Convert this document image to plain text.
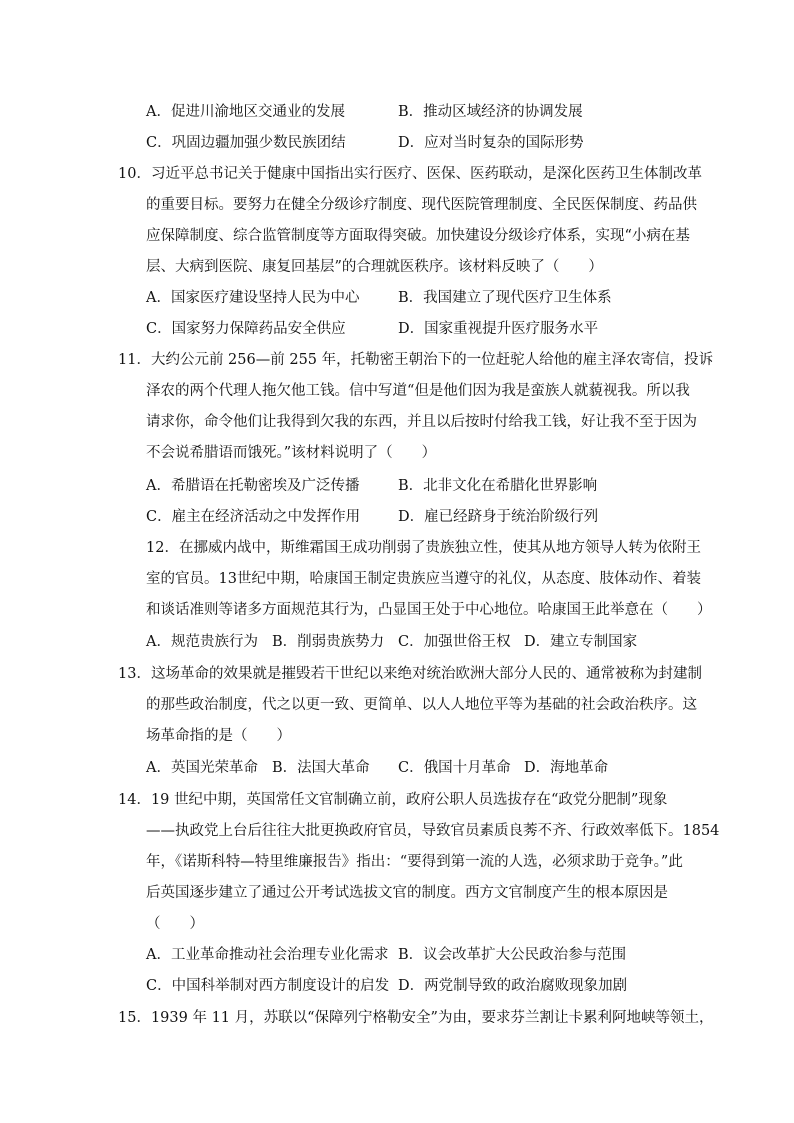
A．促进川渝地区交通业的发展	B．推动区域经济的协调发展
C．巩固边疆加强少数民族团结	D．应对当时复杂的国际形势
10．习近平总书记关于健康中国指出实行医疗、医保、医药联动，是深化医药卫生体制改革
的重要目标。要努力在健全分级诊疗制度、现代医院管理制度、全民医保制度、药品供
应保障制度、综合监管制度等方面取得突破。加快建设分级诊疗体系，实现“小病在基
层、大病到医院、康复回基层”的合理就医秩序。该材料反映了（　　）
A．国家医疗建设坚持人民为中心	B．我国建立了现代医疗卫生体系
C．国家努力保障药品安全供应	D．国家重视提升医疗服务水平
11．大约公元前 256—前 255 年，托勒密王朝治下的一位赶驼人给他的雇主泽农寄信，投诉
泽农的两个代理人拖欠他工钱。信中写道“但是他们因为我是蛮族人就藐视我。所以我
请求你，命令他们让我得到欠我的东西，并且以后按时付给我工钱，好让我不至于因为
不会说希腊语而饿死。”该材料说明了（　　）
A．希腊语在托勒密埃及广泛传播	B．北非文化在希腊化世界影响
C．雇主在经济活动之中发挥作用	D．雇已经跻身于统治阶级行列
12．在挪威内战中，斯维霜国王成功削弱了贵族独立性，使其从地方领导人转为依附王
室的官员。13世纪中期，哈康国王制定贵族应当遵守的礼仪，从态度、肢体动作、着装
和谈话准则等诸多方面规范其行为，凸显国王处于中心地位。哈康国王此举意在（　　）
A．规范贵族行为 B．削弱贵族势力 C．加强世俗王权 D．建立专制国家
13．这场革命的效果就是摧毁若干世纪以来绝对统治欧洲大部分人民的、通常被称为封建制
的那些政治制度，代之以更一致、更简单、以人人地位平等为基础的社会政治秩序。这
场革命指的是（　　）
A．英国光荣革命 B．法国大革命 C．俄国十月革命 D．海地革命
14．19 世纪中期，英国常任文官制确立前，政府公职人员选拔存在“政党分肥制”现象
——执政党上台后往往大批更换政府官员，导致官员素质良莠不齐、行政效率低下。1854
年，《诺斯科特—特里维廉报告》指出：“要得到第一流的人选，必须求助于竞争。”此
后英国逐步建立了通过公开考试选拔文官的制度。西方文官制度产生的根本原因是
（　　）
A．工业革命推动社会治理专业化需求 B．议会改革扩大公民政治参与范围
C．中国科举制对西方制度设计的启发 D．两党制导致的政治腐败现象加剧
15．1939 年 11 月，苏联以“保障列宁格勒安全”为由，要求芬兰割让卡累利阿地峡等领土，
